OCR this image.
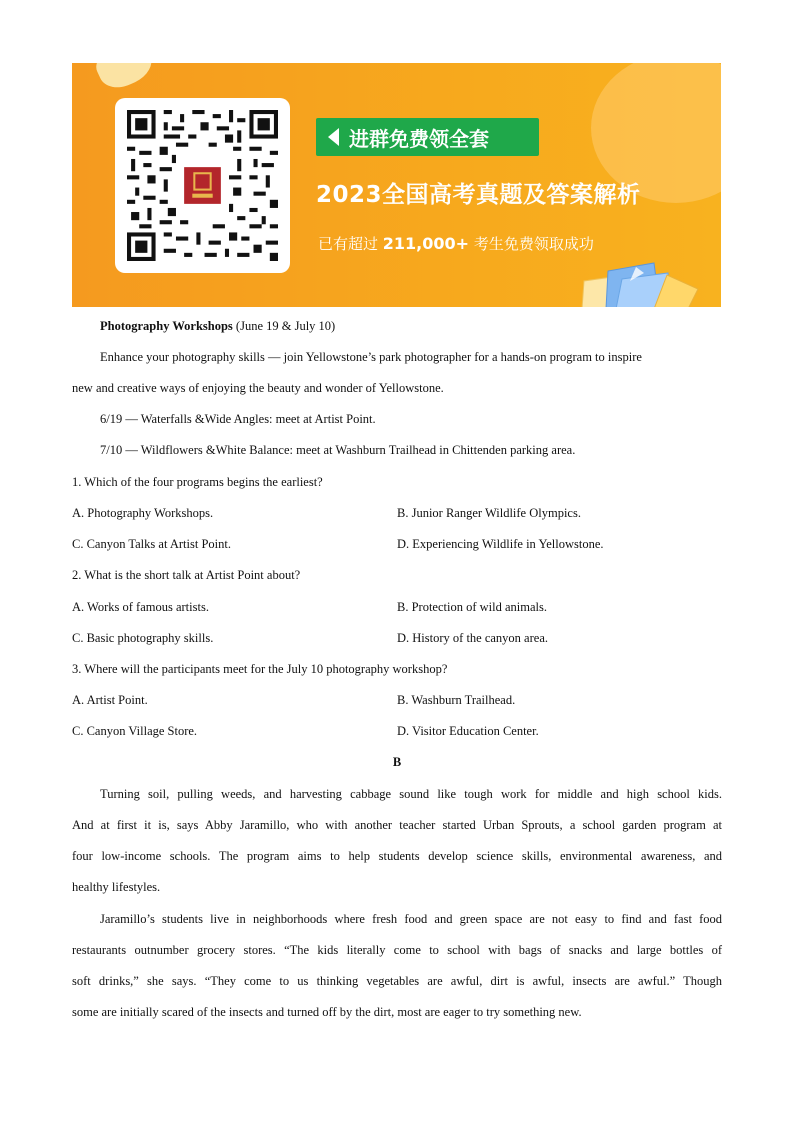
进群免费领全套
2023全国高考真题及答案解析
已有超过 211,000+ 考生免费领取成功
Photography Workshops (June 19 & July 10)
Enhance your photography skills — join Yellowstone’s park photographer for a hands-on program to inspire
new and creative ways of enjoying the beauty and wonder of Yellowstone.
6/19 — Waterfalls &Wide Angles: meet at Artist Point.
7/10 — Wildflowers &White Balance: meet at Washburn Trailhead in Chittenden parking area.
1. Which of the four programs begins the earliest?
A. Photography Workshops.	B. Junior Ranger Wildlife Olympics.
C. Canyon Talks at Artist Point.	D. Experiencing Wildlife in Yellowstone.
2. What is the short talk at Artist Point about?
A. Works of famous artists.	B. Protection of wild animals.
C. Basic photography skills.	D. History of the canyon area.
3. Where will the participants meet for the July 10 photography workshop?
A. Artist Point.	B. Washburn Trailhead.
C. Canyon Village Store.	D. Visitor Education Center.
B
Turning soil, pulling weeds, and harvesting cabbage sound like tough work for middle and high school kids.
And at first it is, says Abby Jaramillo, who with another teacher started Urban Sprouts, a school garden program at
four low-income schools. The program aims to help students develop science skills, environmental awareness, and
healthy lifestyles.
Jaramillo’s students live in neighborhoods where fresh food and green space are not easy to find and fast food
restaurants outnumber grocery stores. “The kids literally come to school with bags of snacks and large bottles of
soft drinks,” she says. “They come to us thinking vegetables are awful, dirt is awful, insects are awful.” Though
some are initially scared of the insects and turned off by the dirt, most are eager to try something new.
